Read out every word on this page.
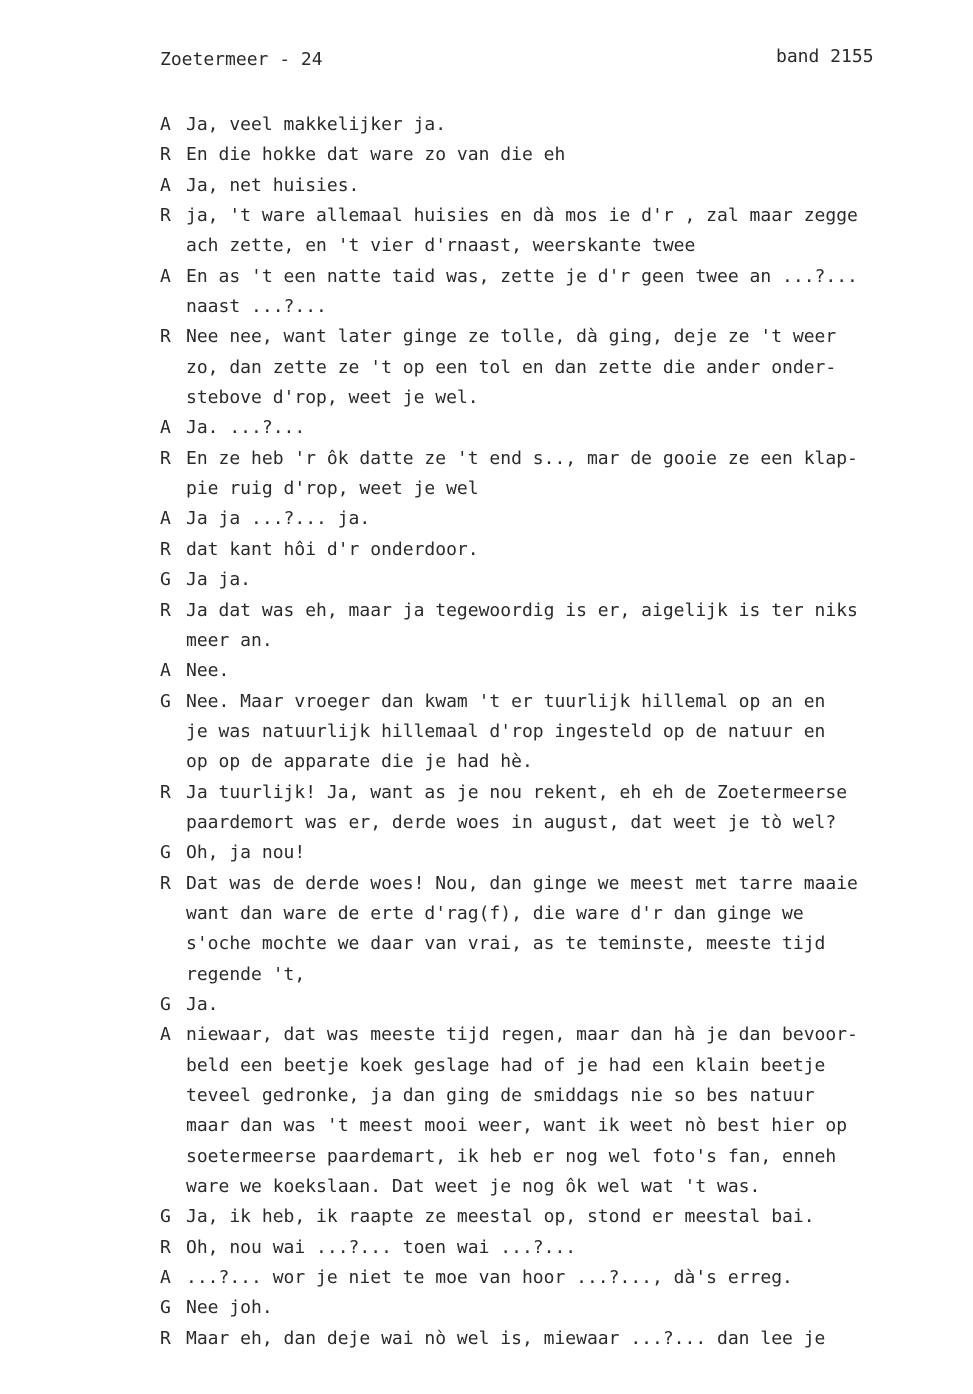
Zoetermeer - 24	band 2155
A Ja, veel makkelijker ja.
R En die hokke dat ware zo van die eh
A Ja, net huisies.
R ja, 't ware allemaal huisies en dà mos ie d'r , zal maar zegge
ach zette, en 't vier d'rnaast, weerskante twee
A En as 't een natte taid was, zette je d'r geen twee an ...?...
naast ...?...
R Nee nee, want later ginge ze tolle, dà ging, deje ze 't weer
zo, dan zette ze 't op een tol en dan zette die ander onder-
stebove d'rop, weet je wel.
A Ja. ...?...
R En ze heb 'r ôk datte ze 't end s.., mar de gooie ze een klap-
pie ruig d'rop, weet je wel
A Ja ja ...?... ja.
R dat kant hôi d'r onderdoor.
G Ja ja.
R Ja dat was eh, maar ja tegewoordig is er, aigelijk is ter niks
meer an.
A Nee.
G Nee. Maar vroeger dan kwam 't er tuurlijk hillemal op an en
je was natuurlijk hillemaal d'rop ingesteld op de natuur en
op op de apparate die je had hè.
R Ja tuurlijk! Ja, want as je nou rekent, eh eh de Zoetermeerse
paardemort was er, derde woes in august, dat weet je tò wel?
G Oh, ja nou!
R Dat was de derde woes! Nou, dan ginge we meest met tarre maaie
want dan ware de erte d'rag(f), die ware d'r dan ginge we
s'oche mochte we daar van vrai, as te teminste, meeste tijd
regende 't,
G Ja.
A niewaar, dat was meeste tijd regen, maar dan hà je dan bevoor-
beld een beetje koek geslage had of je had een klain beetje
teveel gedronke, ja dan ging de smiddags nie so bes natuur
maar dan was 't meest mooi weer, want ik weet nò best hier op
soetermeerse paardemart, ik heb er nog wel foto's fan, enneh
ware we koekslaan. Dat weet je nog ôk wel wat 't was.
G Ja, ik heb, ik raapte ze meestal op, stond er meestal bai.
R Oh, nou wai ...?... toen wai ...?...
A ...?... wor je niet te moe van hoor ...?..., dà's erreg.
G Nee joh.
R Maar eh, dan deje wai nò wel is, miewaar ...?... dan lee je
